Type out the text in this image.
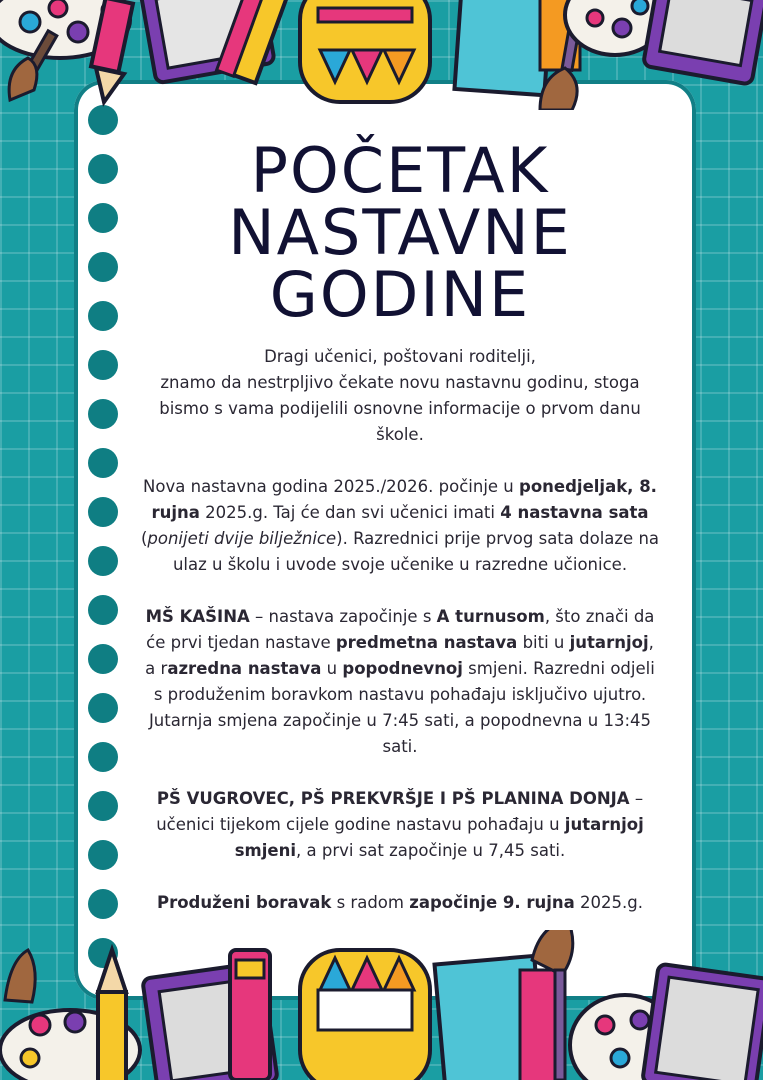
POČETAK
NASTAVNE
GODINE

Dragi učenici, poštovani roditelji,
znamo da nestrpljivo čekate novu nastavnu godinu, stoga bismo s vama podijelili osnovne informacije o prvom danu škole.

Nova nastavna godina 2025./2026. počinje u ponedjeljak, 8. rujna 2025.g. Taj će dan svi učenici imati 4 nastavna sata (ponijeti dvije bilježnice). Razrednici prije prvog sata dolaze na ulaz u školu i uvode svoje učenike u razredne učionice.

MŠ KAŠINA – nastava započinje s A turnusom, što znači da će prvi tjedan nastave predmetna nastava biti u jutarnjoj, a razredna nastava u popodnevnoj smjeni. Razredni odjeli s produženim boravkom nastavu pohađaju isključivo ujutro. Jutarnja smjena započinje u 7:45 sati, a popodnevna u 13:45 sati.

PŠ VUGROVEC, PŠ PREKVRŠJE I PŠ PLANINA DONJA – učenici tijekom cijele godine nastavu pohađaju u jutarnjoj smjeni, a prvi sat započinje u 7,45 sati.

Produženi boravak s radom započinje 9. rujna 2025.g.
